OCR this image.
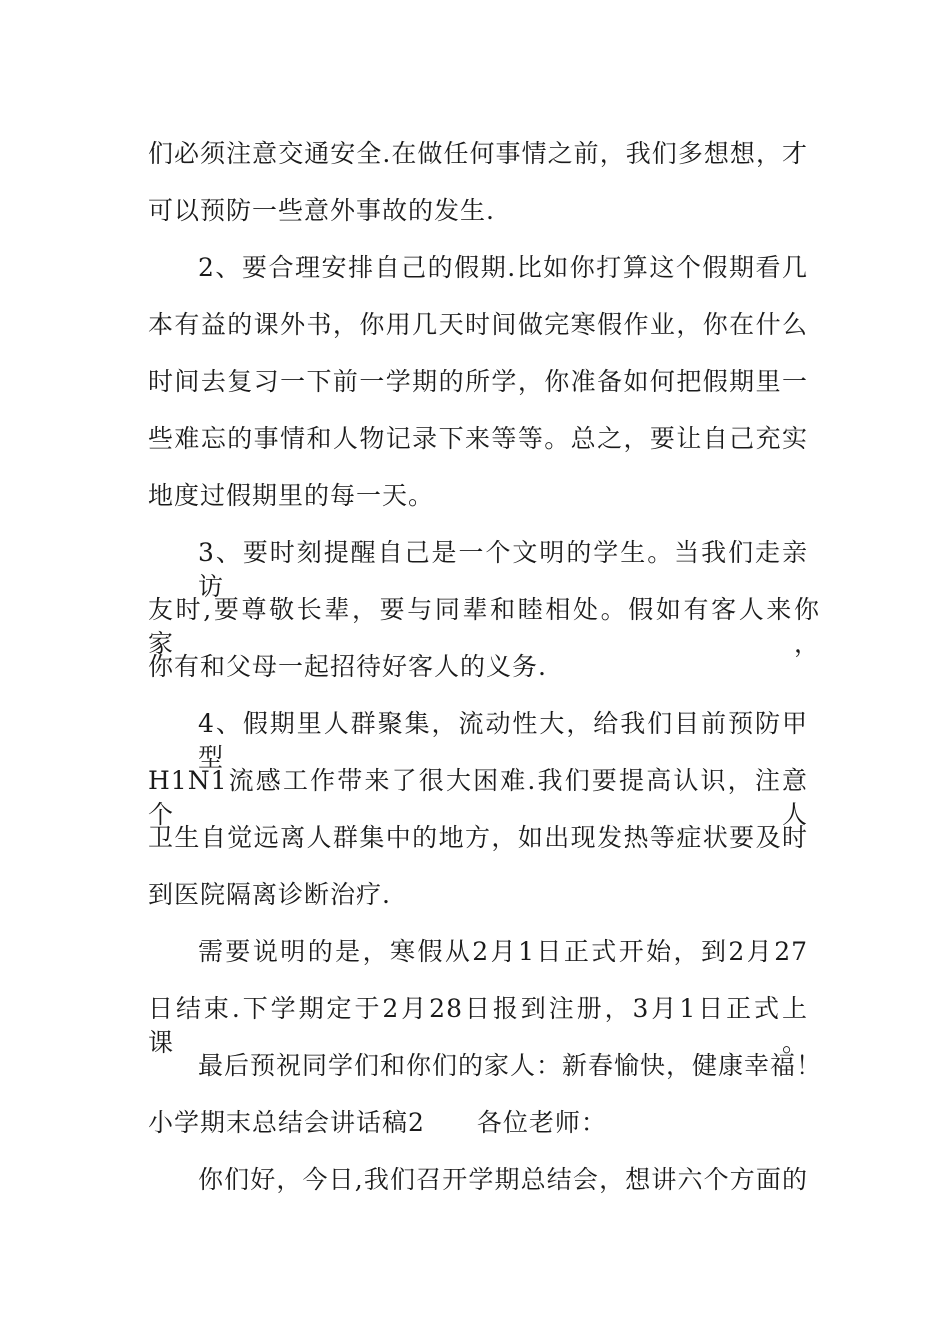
们必须注意交通安全.在做任何事情之前，我们多想想，才
可以预防一些意外事故的发生.
2、要合理安排自己的假期.比如你打算这个假期看几
本有益的课外书，你用几天时间做完寒假作业，你在什么
时间去复习一下前一学期的所学，你准备如何把假期里一
些难忘的事情和人物记录下来等等。总之，要让自己充实
地度过假期里的每一天。
3、要时刻提醒自己是一个文明的学生。当我们走亲访
友时,要尊敬长辈，要与同辈和睦相处。假如有客人来你家，
你有和父母一起招待好客人的义务.
4、假期里人群聚集，流动性大，给我们目前预防甲型
H1N1流感工作带来了很大困难.我们要提高认识，注意个人
卫生自觉远离人群集中的地方，如出现发热等症状要及时
到医院隔离诊断治疗.
需要说明的是，寒假从2月1日正式开始，到2月27
日结束.下学期定于2月28日报到注册，3月1日正式上课。
最后预祝同学们和你们的家人：新春愉快，健康幸福！
小学期末总结会讲话稿2　　各位老师：
你们好，今日,我们召开学期总结会，想讲六个方面的
